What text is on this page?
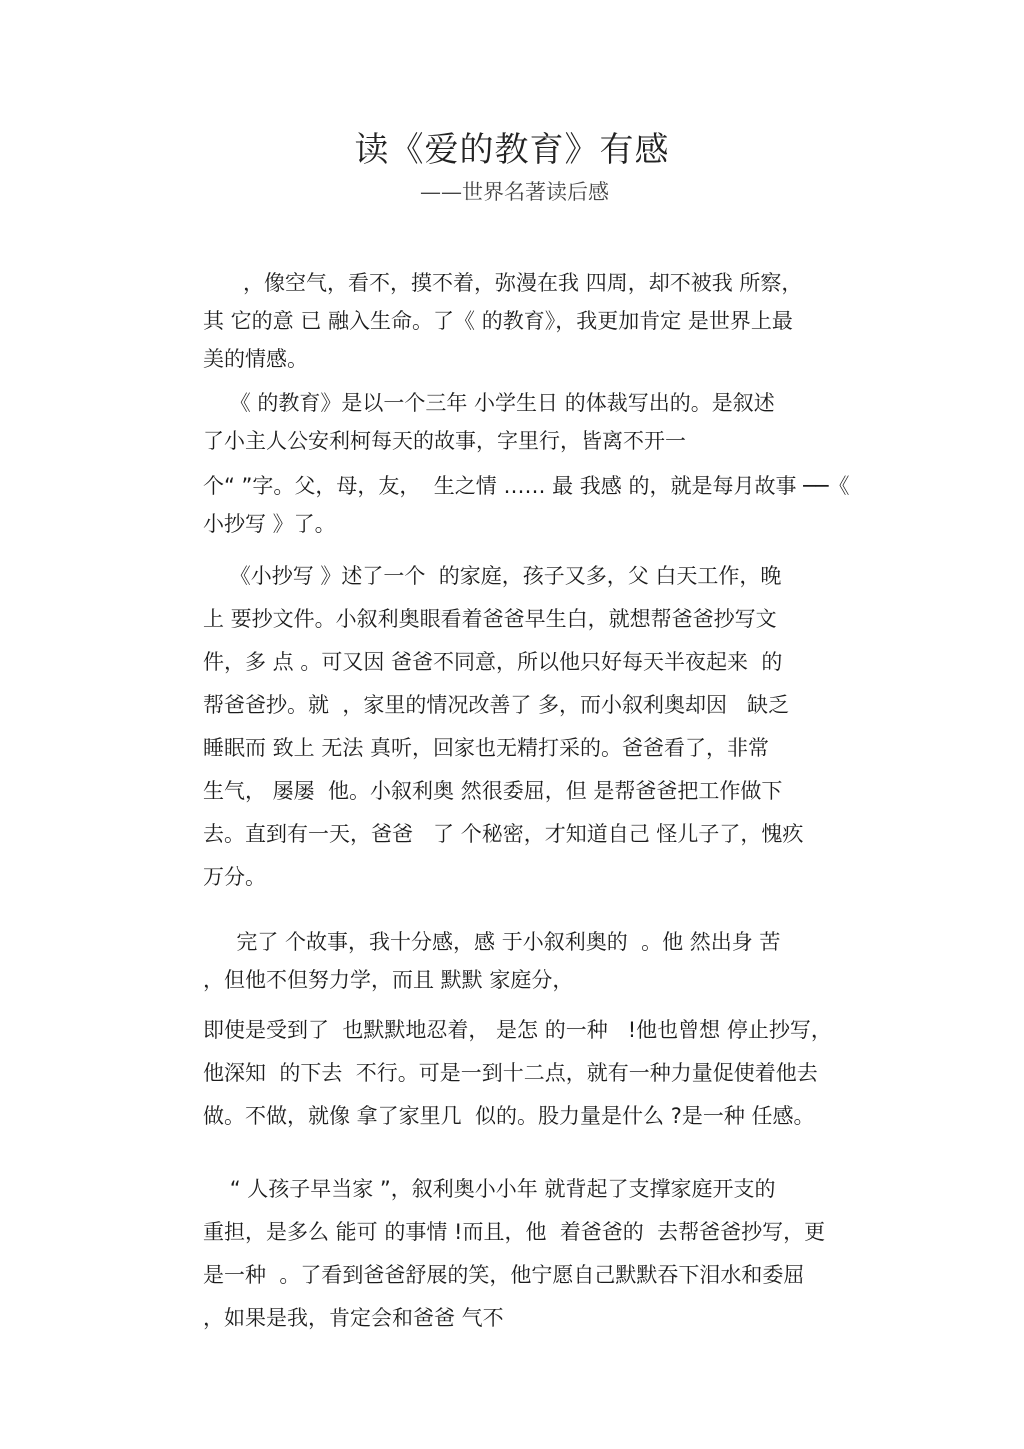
读《爱的教育》有感
——世界名著读后感
，像空气，看不，摸不着，弥漫在我 四周，却不被我 所察，
其 它的意 已 融入生命。了《 的教育》，我更加肯定 是世界上最
美的情感。
《 的教育》是以一个三年 小学生日 的体裁写出的。是叙述
了小主人公安利柯每天的故事，字里行，皆离不开一
个“ ”字。父，母，友，  生之情 …… 最 我感 的，就是每月故事 ──《
小抄写 》了。
《小抄写 》述了一个  的家庭，孩子又多，父 白天工作，晚
上 要抄文件。小叙利奥眼看着爸爸早生白，就想帮爸爸抄写文
件，多 点 。可又因 爸爸不同意，所以他只好每天半夜起来  的
帮爸爸抄。就  ，家里的情况改善了 多，而小叙利奥却因   缺乏
睡眠而 致上 无法 真听，回家也无精打采的。爸爸看了，非常
生气， 屡屡  他。小叙利奥 然很委屈，但 是帮爸爸把工作做下
去。直到有一天，爸爸   了 个秘密，才知道自己 怪儿子了，愧疚
万分。
完了 个故事，我十分感，感 于小叙利奥的  。他 然出身 苦
，但他不但努力学，而且 默默 家庭分，
即使是受到了  也默默地忍着， 是怎 的一种   !他也曾想 停止抄写，
他深知  的下去  不行。可是一到十二点，就有一种力量促使着他去
做。不做，就像 拿了家里几  似的。股力量是什么 ?是一种 任感。
“ 人孩子早当家 ”，叙利奥小小年 就背起了支撑家庭开支的
重担，是多么 能可 的事情 !而且，他  着爸爸的  去帮爸爸抄写，更
是一种  。了看到爸爸舒展的笑，他宁愿自己默默吞下泪水和委屈
，如果是我，肯定会和爸爸 气不
